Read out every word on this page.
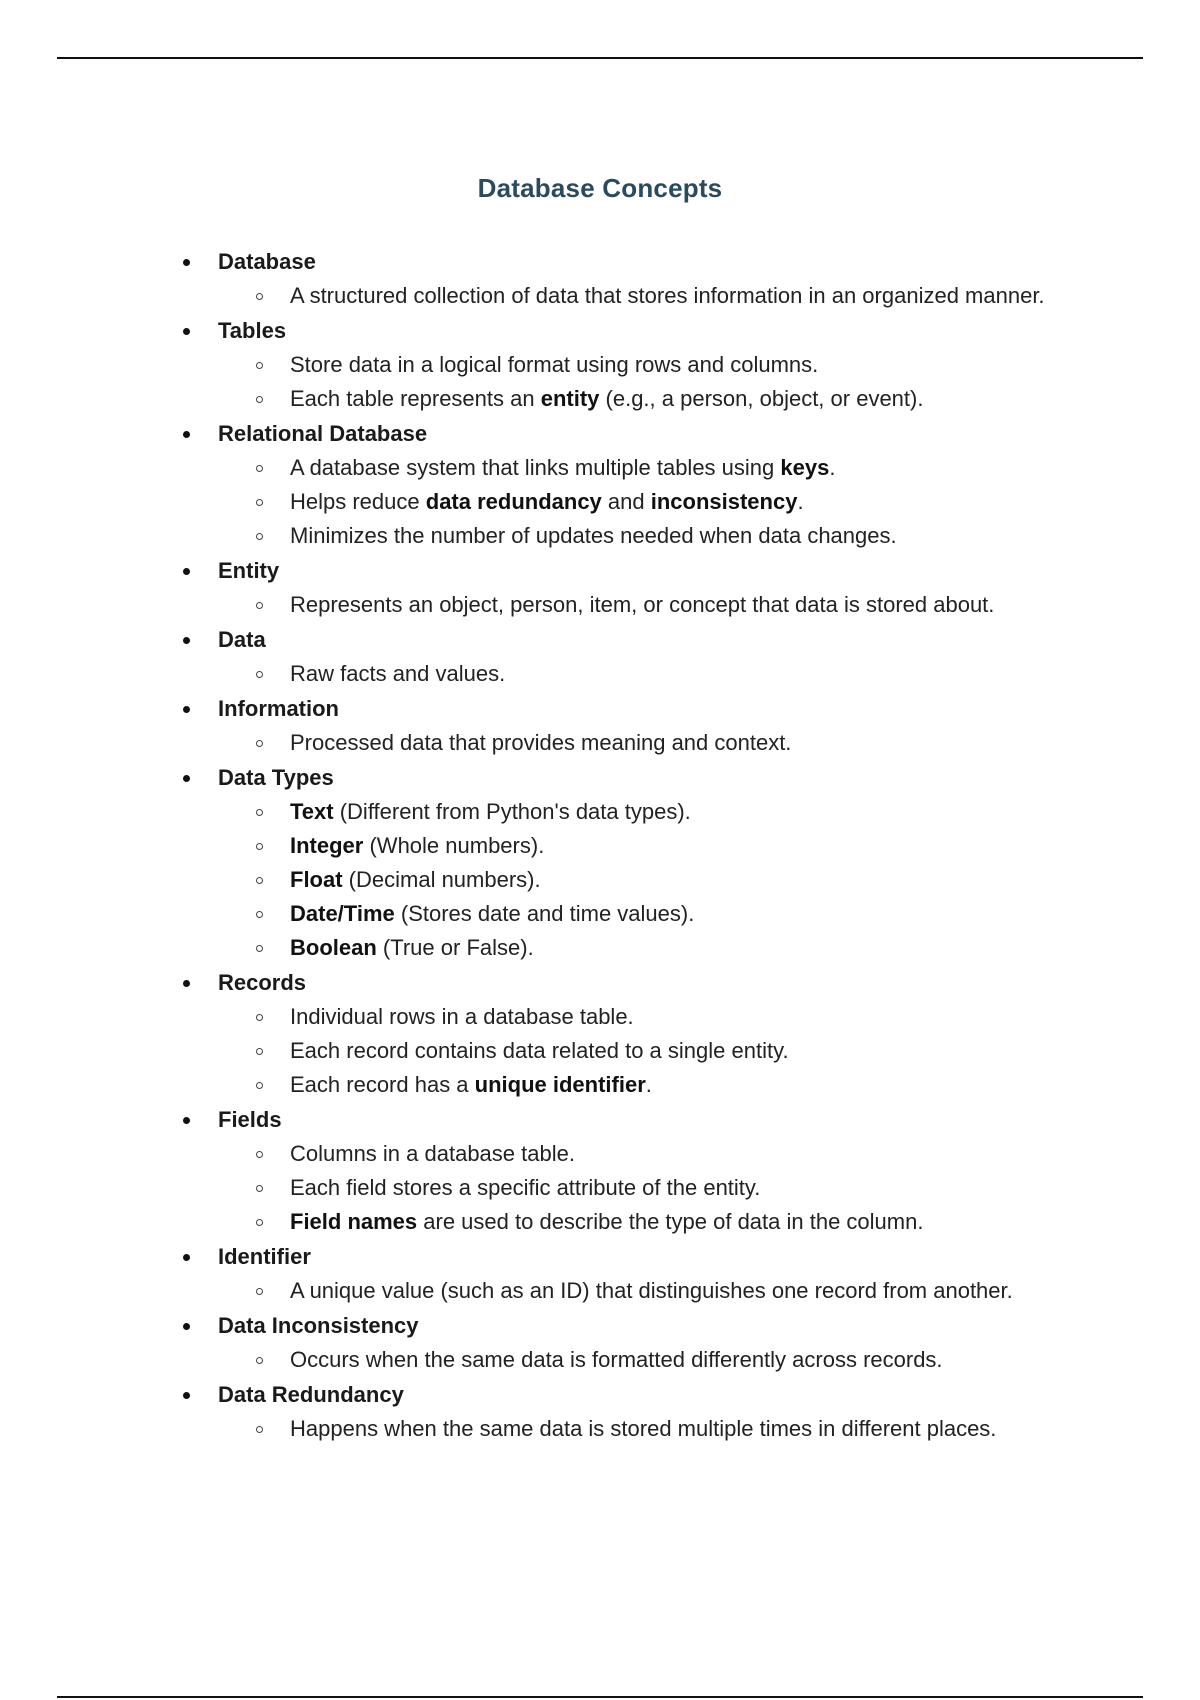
Database Concepts
Database
A structured collection of data that stores information in an organized manner.
Tables
Store data in a logical format using rows and columns.
Each table represents an entity (e.g., a person, object, or event).
Relational Database
A database system that links multiple tables using keys.
Helps reduce data redundancy and inconsistency.
Minimizes the number of updates needed when data changes.
Entity
Represents an object, person, item, or concept that data is stored about.
Data
Raw facts and values.
Information
Processed data that provides meaning and context.
Data Types
Text (Different from Python's data types).
Integer (Whole numbers).
Float (Decimal numbers).
Date/Time (Stores date and time values).
Boolean (True or False).
Records
Individual rows in a database table.
Each record contains data related to a single entity.
Each record has a unique identifier.
Fields
Columns in a database table.
Each field stores a specific attribute of the entity.
Field names are used to describe the type of data in the column.
Identifier
A unique value (such as an ID) that distinguishes one record from another.
Data Inconsistency
Occurs when the same data is formatted differently across records.
Data Redundancy
Happens when the same data is stored multiple times in different places.
